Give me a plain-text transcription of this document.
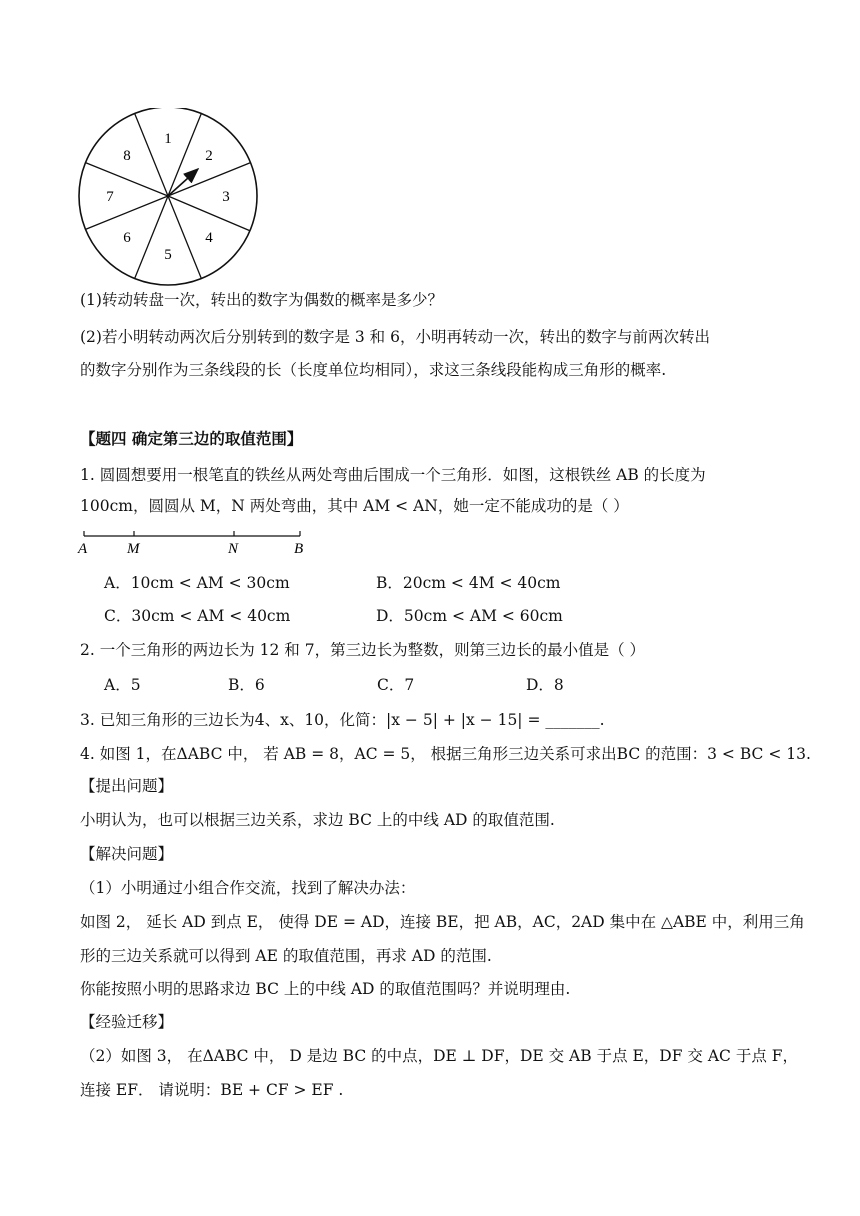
1
2
3
4
5
6
7
8
(1)转动转盘一次，转出的数字为偶数的概率是多少？
(2)若小明转动两次后分别转到的数字是 3 和 6，小明再转动一次，转出的数字与前两次转出
的数字分别作为三条线段的长（长度单位均相同），求这三条线段能构成三角形的概率.
【题四 确定第三边的取值范围】
1. 圆圆想要用一根笔直的铁丝从两处弯曲后围成一个三角形．如图，这根铁丝 AB 的长度为
100cm，圆圆从 M，N 两处弯曲，其中 AM < AN，她一定不能成功的是（ ）
A	M	N	B
A．10cm < AM < 30cm	B．20cm < 4M < 40cm
C．30cm < AM < 40cm	D．50cm < AM < 60cm
2. 一个三角形的两边长为 12 和 7，第三边长为整数，则第三边长的最小值是（ ）
A．5	B．6	C．7	D．8
3. 已知三角形的三边长为4、x、10，化简：|x − 5| + |x − 15| = _______.
4. 如图 1，在ΔABC 中， 若 AB = 8，AC = 5， 根据三角形三边关系可求出BC 的范围：3 < BC < 13.
【提出问题】
小明认为，也可以根据三边关系，求边 BC 上的中线 AD 的取值范围.
【解决问题】
（1）小明通过小组合作交流，找到了解决办法：
如图 2， 延长 AD 到点 E， 使得 DE = AD，连接 BE，把 AB，AC，2AD 集中在 △ABE 中，利用三角
形的三边关系就可以得到 AE 的取值范围，再求 AD 的范围.
你能按照小明的思路求边 BC 上的中线 AD 的取值范围吗？并说明理由.
【经验迁移】
（2）如图 3， 在ΔABC 中， D 是边 BC 的中点，DE ⊥ DF，DE 交 AB 于点 E，DF 交 AC 于点 F，
连接 EF． 请说明：BE + CF > EF .
